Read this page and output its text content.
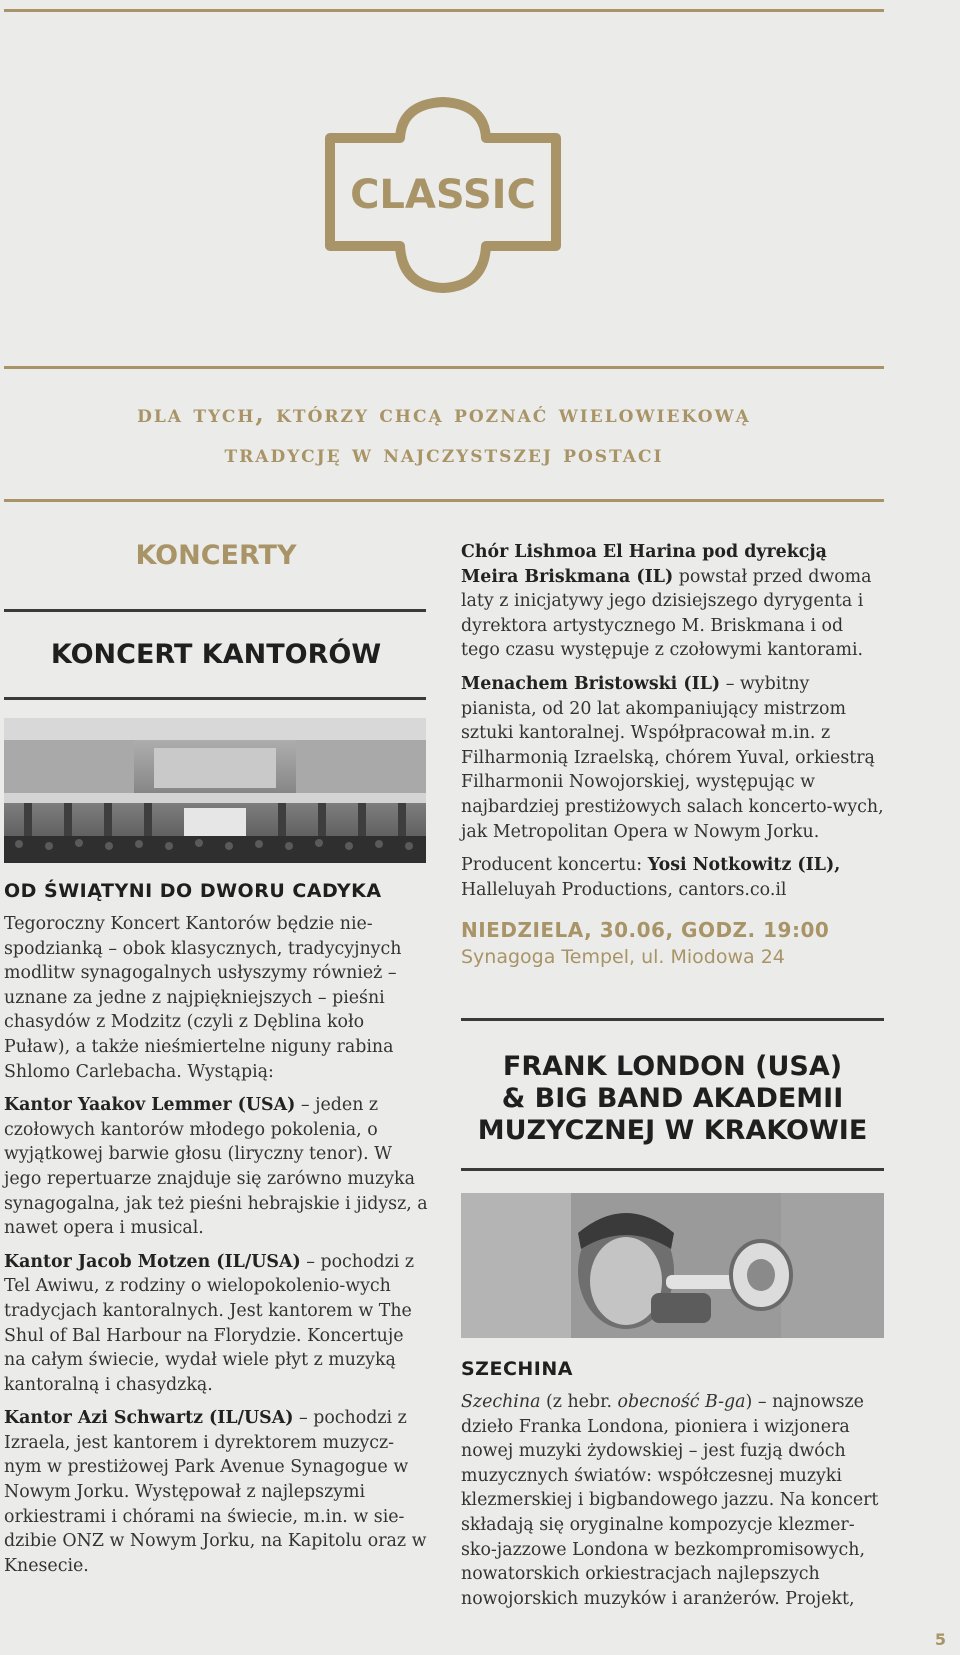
CLASSIC
dla tych, którzy chcą poznać wielowiekową
tradycję w najczystszej postaci
KONCERTY
KONCERT KANTORÓW
OD ŚWIĄTYNI DO DWORU CADYKA

Tegoroczny Koncert Kantorów będzie nie-spodzianką – obok klasycznych, tradycyjnych modlitw synagogalnych usłyszymy również – uznane za jedne z najpiękniejszych – pieśni chasydów z Modzitz (czyli z Dęblina koło Puław), a także nieśmiertelne niguny rabina Shlomo Carlebacha. Wystąpią:

Kantor Yaakov Lemmer (USA) – jeden z czołowych kantorów młodego pokolenia, o wyjątkowej barwie głosu (liryczny tenor). W jego repertuarze znajduje się zarówno muzyka synagogalna, jak też pieśni hebrajskie i jidysz, a nawet opera i musical.

Kantor Jacob Motzen (IL/USA) – pochodzi z Tel Awiwu, z rodziny o wielopokolenio-wych tradycjach kantoralnych. Jest kantorem w The Shul of Bal Harbour na Florydzie. Koncertuje na całym świecie, wydał wiele płyt z muzyką kantoralną i chasydzką.

Kantor Azi Schwartz (IL/USA) – pochodzi z Izraela, jest kantorem i dyrektorem muzycz-nym w prestiżowej Park Avenue Synagogue w Nowym Jorku. Występował z najlepszymi orkiestrami i chórami na świecie, m.in. w sie-dzibie ONZ w Nowym Jorku, na Kapitolu oraz w Knesecie.

Chór Lishmoa El Harina pod dyrekcją Meira Briskmana (IL) powstał przed dwoma laty z inicjatywy jego dzisiejszego dyrygenta i dyrektora artystycznego M. Briskmana i od tego czasu występuje z czołowymi kantorami.

Menachem Bristowski (IL) – wybitny pianista, od 20 lat akompaniujący mistrzom sztuki kantoralnej. Współpracował m.in. z Filharmonią Izraelską, chórem Yuval, orkiestrą Filharmonii Nowojorskiej, występując w najbardziej prestiżowych salach koncerto-wych, jak Metropolitan Opera w Nowym Jorku.

Producent koncertu: Yosi Notkowitz (IL), Halleluyah Productions, cantors.co.il

NIEDZIELA, 30.06, GODZ. 19:00
Synagoga Tempel, ul. Miodowa 24
FRANK LONDON (USA)
& BIG BAND AKADEMII
MUZYCZNEJ W KRAKOWIE
SZECHINA

Szechina (z hebr. obecność B-ga) – najnowsze dzieło Franka Londona, pioniera i wizjonera nowej muzyki żydowskiej – jest fuzją dwóch muzycznych światów: współczesnej muzyki klezmerskiej i bigbandowego jazzu. Na koncert składają się oryginalne kompozycje klezmer-sko-jazzowe Londona w bezkompromisowych, nowatorskich orkiestracjach najlepszych nowojorskich muzyków i aranżerów. Projekt,

5
